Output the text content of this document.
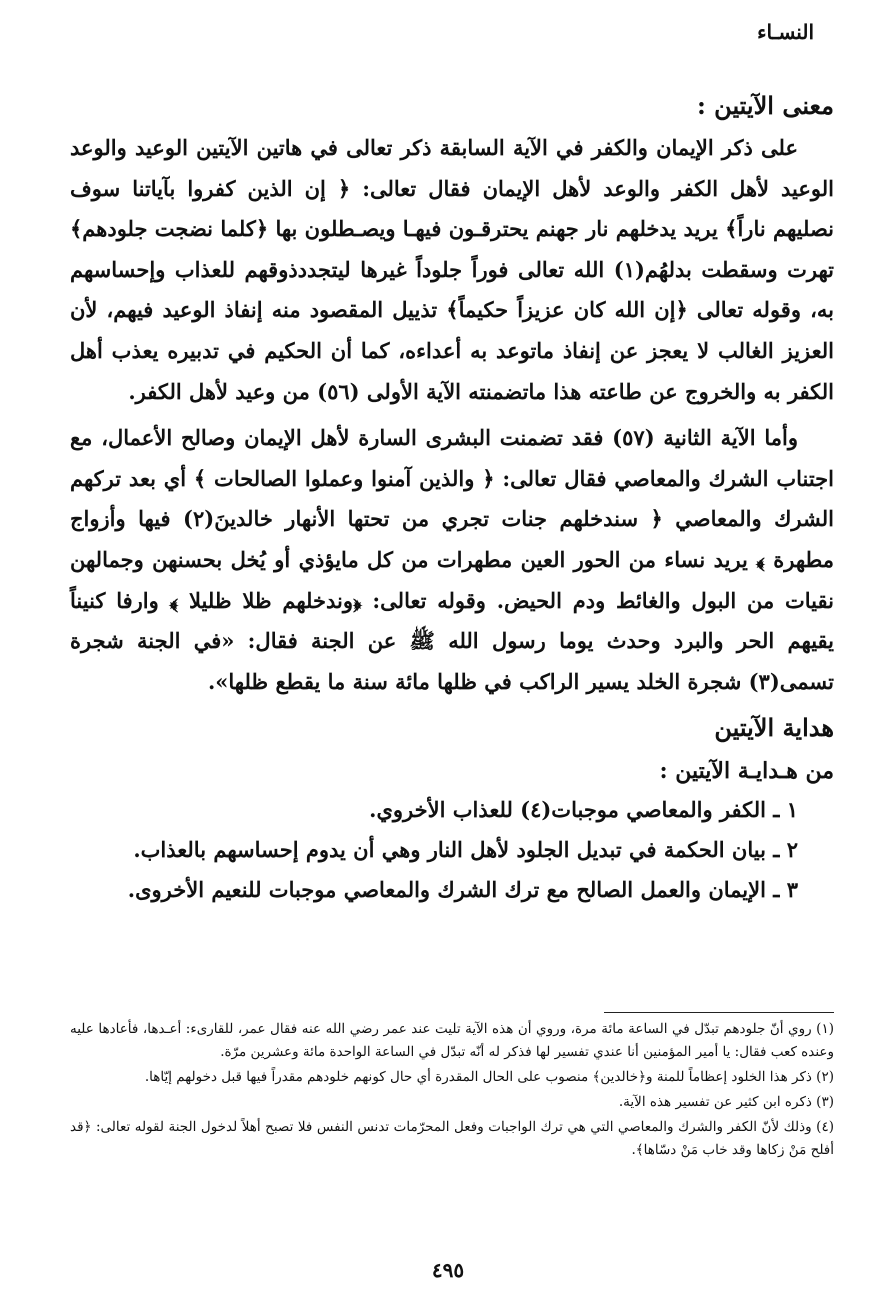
النسـاء
معنى الآيتين :

على ذكر الإيمان والكفر في الآية السابقة ذكر تعالى في هاتين الآيتين الوعيد والوعد الوعيد لأهل الكفر والوعد لأهل الإيمان فقال تعالى: ﴿ إن الذين كفروا بآياتنا سوف نصليهم ناراً﴾ يريد يدخلهم نار جهنم يحترقـون فيهـا ويصـطلون بها ﴿كلما نضجت جلودهم﴾ تهرت وسقطت بدلهُم(١) الله تعالى فوراً جلوداً غيرها ليتجددذوقهم للعذاب وإحساسهم به، وقوله تعالى ﴿إن الله كان عزيزاً حكيماً﴾ تذييل المقصود منه إنفاذ الوعيد فيهم، لأن العزيز الغالب لا يعجز عن إنفاذ ماتوعد به أعداءه، كما أن الحكيم في تدبيره يعذب أهل الكفر به والخروج عن طاعته هذا ماتضمنته الآية الأولى (٥٦) من وعيد لأهل الكفر.

وأما الآية الثانية (٥٧) فقد تضمنت البشرى السارة لأهل الإيمان وصالح الأعمال، مع اجتناب الشرك والمعاصي فقال تعالى: ﴿ والذين آمنوا وعملوا الصالحات ﴾ أي بعد تركهم الشرك والمعاصي ﴿ سندخلهم جنات تجري من تحتها الأنهار خالدينَ(٢) فيها وأزواج مطهرة ﴾ يريد نساء من الحور العين مطهرات من كل مايؤذي أو يُخل بحسنهن وجمالهن نقيات من البول والغائط ودم الحيض. وقوله تعالى: ﴿وندخلهم ظلا ظليلا ﴾ وارفا كنيناً يقيهم الحر والبرد وحدث يوما رسول الله ﷺ عن الجنة فقال: «في الجنة شجرة تسمى(٣) شجرة الخلد يسير الراكب في ظلها مائة سنة ما يقطع ظلها».

هداية الآيتين
من هـدايـة الآيتين :

١ ـ الكفر والمعاصي موجبات(٤) للعذاب الأخروي.

٢ ـ بيان الحكمة في تبديل الجلود لأهل النار وهي أن يدوم إحساسهم بالعذاب.

٣ ـ الإيمان والعمل الصالح مع ترك الشرك والمعاصي موجبات للنعيم الأخروى.

(١) روي أنّ جلودهم تبدّل في الساعة مائة مرة، وروي أن هذه الآية تليت عند عمر رضي الله عنه فقال عمر، للقارىء: أعـدها، فأعادها عليه وعنده كعب فقال: يا أمير المؤمنين أنا عندي تفسير لها فذكر له أنّه تبدّل في الساعة الواحدة مائة وعشرين مرّة.

(٢) ذكر هذا الخلود إعظاماً للمنة و﴿خالدين﴾ منصوب على الحال المقدرة أي حال كونهم خلودهم مقدراً فيها قبل دخولهم إيّاها.

(٣) ذكره ابن كثير عن تفسير هذه الآية.

(٤) وذلك لأنّ الكفر والشرك والمعاصي التي هي ترك الواجبات وفعل المحرّمات تدنس النفس فلا تصبح أهلاً لدخول الجنة لقوله تعالى: ﴿قد أفلح مَنْ زكاها وقد خاب مَنْ دسّاها﴾.

٤٩٥
